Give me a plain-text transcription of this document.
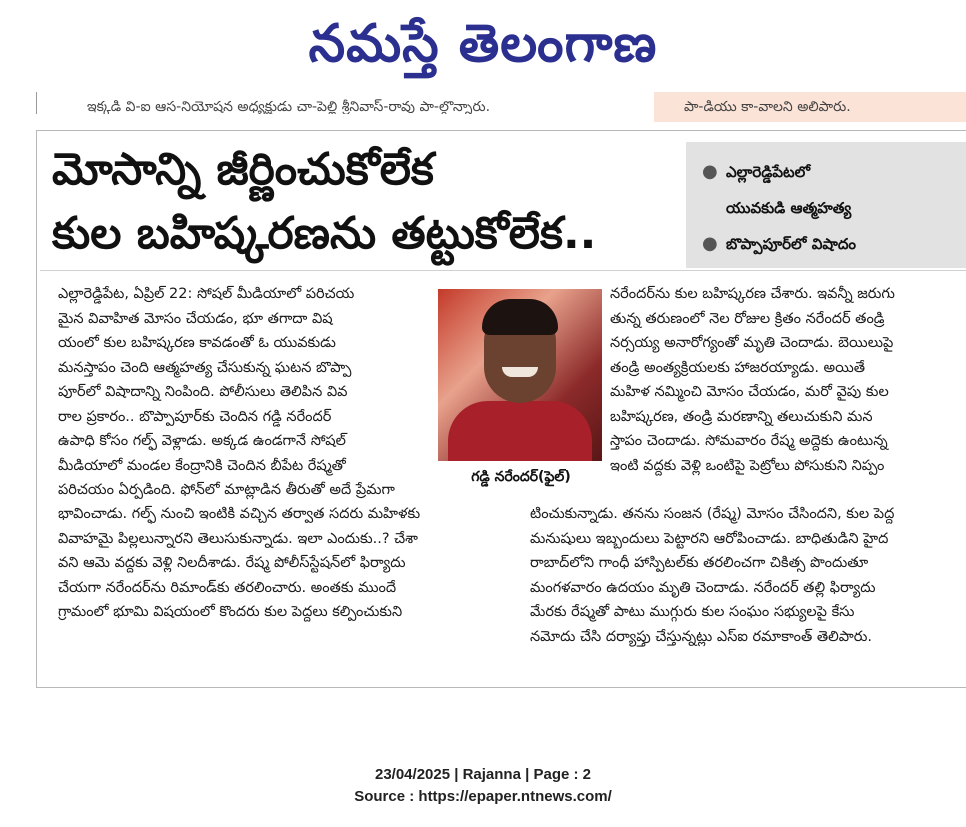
నమస్తే తెలంగాణ
ఇక్కడి వి-ఐ ఆస-నియోషన అధ్యక్షుడు చా-పెల్లి శ్రీనివాస్-రావు పా-ల్గొన్నారు.	పా-డియు కా-వాలని అలిపారు.
మోసాన్ని జీర్ణించుకోలేక
కుల బహిష్కరణను తట్టుకోలేక..
● ఎల్లారెడ్డిపేటలో
యువకుడి ఆత్మహత్య
● బొప్పాపూర్‌లో విషాదం
ఎల్లారెడ్డిపేట, ఏప్రిల్ 22: సోషల్ మీడియాలో పరిచయ
మైన వివాహిత మోసం చేయడం, భూ తగాదా విష
యంలో కుల బహిష్కరణ కావడంతో ఓ యువకుడు
మనస్తాపం చెంది ఆత్మహత్య చేసుకున్న ఘటన బొప్పా
పూర్‌లో విషాదాన్ని నింపింది. పోలీసులు తెలిపిన వివ
రాల ప్రకారం.. బొప్పాపూర్‌కు చెందిన గడ్డి నరేందర్
ఉపాధి కోసం గల్ఫ్ వెళ్లాడు. అక్కడ ఉండగానే సోషల్
మీడియాలో మండల కేంద్రానికి చెందిన బీపేట రేష్మతో
పరిచయం ఏర్పడింది. ఫోన్‌లో మాట్లాడిన తీరుతో అదే ప్రేమగా
భావించాడు. గల్ఫ్ నుంచి ఇంటికి వచ్చిన తర్వాత సదరు మహిళకు
వివాహమై పిల్లలున్నారని తెలుసుకున్నాడు. ఇలా ఎందుకు..? చేశా
వని ఆమె వద్దకు వెళ్లి నిలదీశాడు. రేష్మ పోలీస్‌స్టేషన్‌లో ఫిర్యాదు
చేయగా నరేందర్‌ను రిమాండ్‌కు తరలించారు. అంతకు ముందే
గ్రామంలో భూమి విషయంలో కొందరు కుల పెద్దలు కల్పించుకుని
గడ్డి నరేందర్(ఫైల్)
నరేందర్‌ను కుల బహిష్కరణ చేశారు. ఇవన్నీ జరుగు
తున్న తరుణంలో నెల రోజుల క్రితం నరేందర్ తండ్రి
నర్సయ్య అనారోగ్యంతో మృతి చెందాడు. బెయిలుపై
తండ్రి అంత్యక్రియలకు హాజరయ్యాడు. అయితే
మహిళ నమ్మించి మోసం చేయడం, మరో వైపు కుల
బహిష్కరణ, తండ్రి మరణాన్ని తలుచుకుని మన
స్తాపం చెందాడు. సోమవారం రేష్మ అద్దెకు ఉంటున్న
ఇంటి వద్దకు వెళ్లి ఒంటిపై పెట్రోలు పోసుకుని నిప్పం
టించుకున్నాడు. తనను సంజన (రేష్మ) మోసం చేసిందని, కుల పెద్ద
మనుషులు ఇబ్బందులు పెట్టారని ఆరోపించాడు. బాధితుడిని హైద
రాబాద్‌లోని గాంధీ హాస్పిటల్‌కు తరలించగా చికిత్స పొందుతూ
మంగళవారం ఉదయం మృతి చెందాడు. నరేందర్ తల్లి ఫిర్యాదు
మేరకు రేష్మతో పాటు ముగ్గురు కుల సంఘం సభ్యులపై కేసు
నమోదు చేసి దర్యాప్తు చేస్తున్నట్లు ఎస్ఐ రమాకాంత్ తెలిపారు.
23/04/2025 | Rajanna | Page : 2
Source : https://epaper.ntnews.com/
